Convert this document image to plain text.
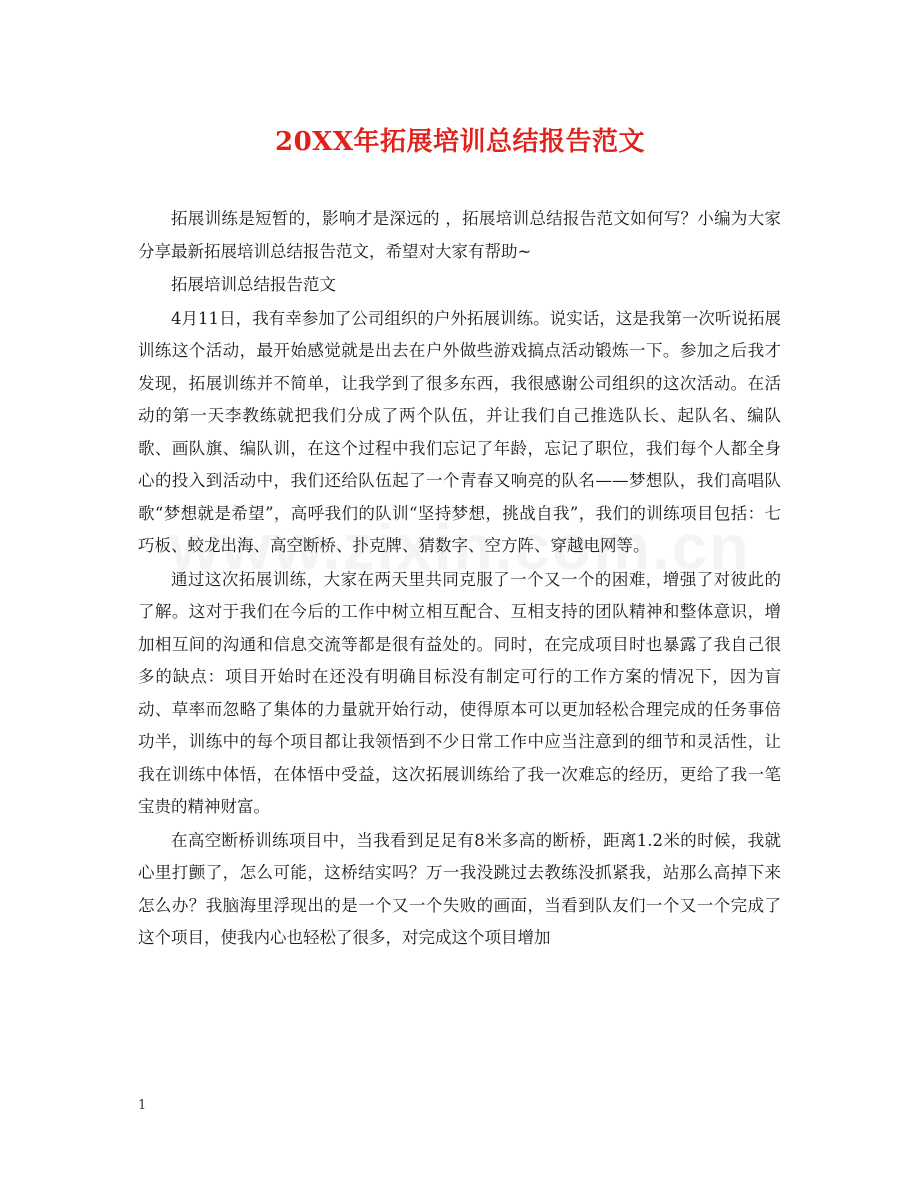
20XX年拓展培训总结报告范文

拓展训练是短暂的，影响才是深远的 ，拓展培训总结报告范文如何写？小编为大家分享最新拓展培训总结报告范文，希望对大家有帮助~

拓展培训总结报告范文

4月11日，我有幸参加了公司组织的户外拓展训练。说实话，这是我第一次听说拓展训练这个活动，最开始感觉就是出去在户外做些游戏搞点活动锻炼一下。参加之后我才发现，拓展训练并不简单，让我学到了很多东西，我很感谢公司组织的这次活动。在活动的第一天李教练就把我们分成了两个队伍，并让我们自己推选队长、起队名、编队歌、画队旗、编队训，在这个过程中我们忘记了年龄，忘记了职位，我们每个人都全身心的投入到活动中，我们还给队伍起了一个青春又响亮的队名——梦想队，我们高唱队歌“梦想就是希望”，高呼我们的队训“坚持梦想，挑战自我”，我们的训练项目包括：七巧板、蛟龙出海、高空断桥、扑克牌、猜数字、空方阵、穿越电网等。

通过这次拓展训练，大家在两天里共同克服了一个又一个的困难，增强了对彼此的了解。这对于我们在今后的工作中树立相互配合、互相支持的团队精神和整体意识，增加相互间的沟通和信息交流等都是很有益处的。同时，在完成项目时也暴露了我自己很多的缺点：项目开始时在还没有明确目标没有制定可行的工作方案的情况下，因为盲动、草率而忽略了集体的力量就开始行动，使得原本可以更加轻松合理完成的任务事倍功半，训练中的每个项目都让我领悟到不少日常工作中应当注意到的细节和灵活性，让我在训练中体悟，在体悟中受益，这次拓展训练给了我一次难忘的经历，更给了我一笔宝贵的精神财富。

在高空断桥训练项目中，当我看到足足有8米多高的断桥，距离1.2米的时候，我就心里打颤了，怎么可能，这桥结实吗？万一我没跳过去教练没抓紧我，站那么高掉下来怎么办？我脑海里浮现出的是一个又一个失败的画面，当看到队友们一个又一个完成了这个项目，使我内心也轻松了很多，对完成这个项目增加

1
